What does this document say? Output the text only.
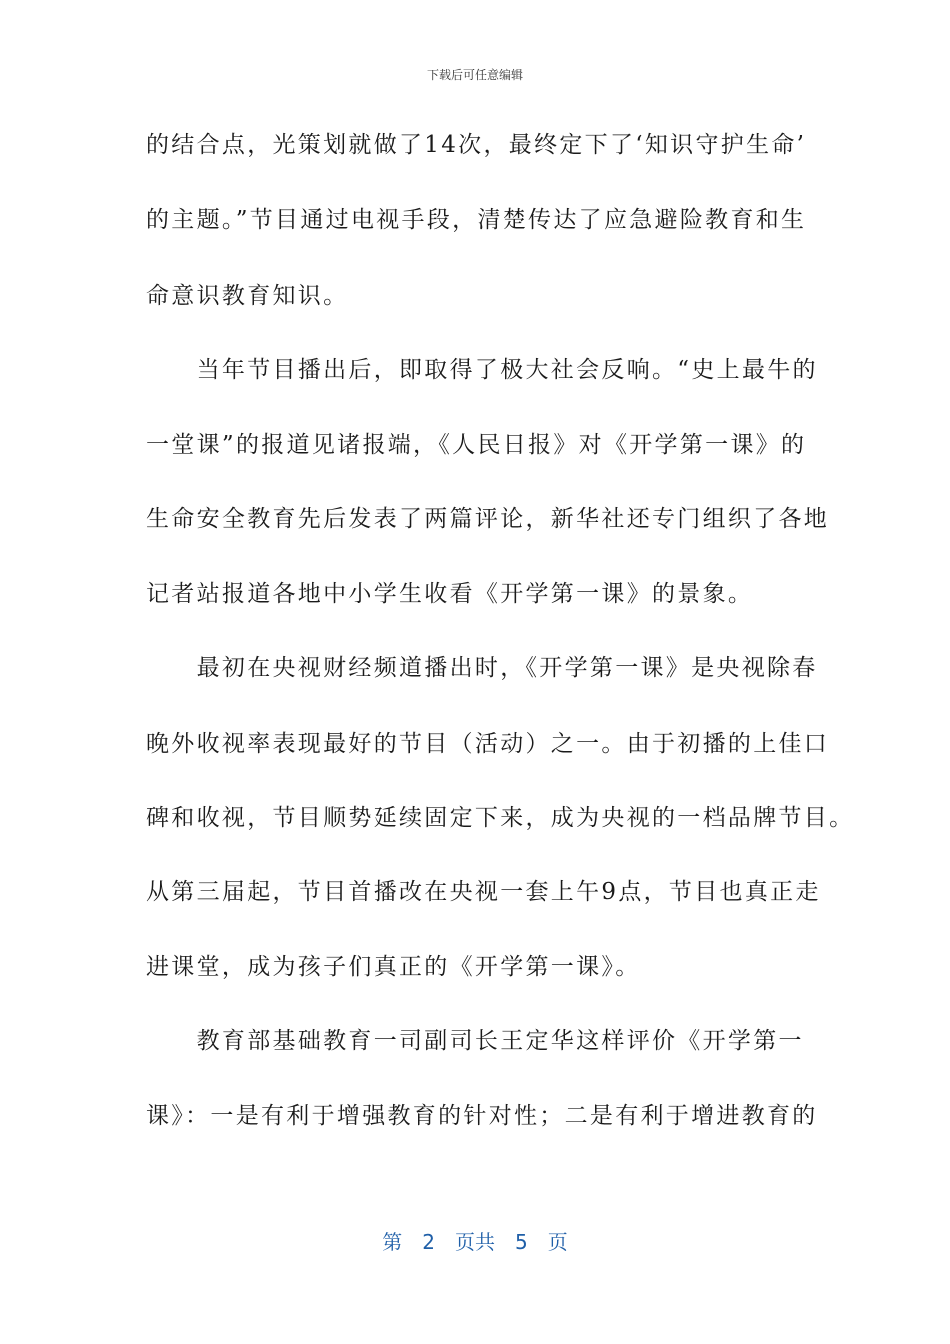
下载后可任意编辑
的结合点，光策划就做了14次，最终定下了‘知识守护生命’
的主题。”节目通过电视手段，清楚传达了应急避险教育和生
命意识教育知识。
　　当年节目播出后，即取得了极大社会反响。“史上最牛的
一堂课”的报道见诸报端，《人民日报》对《开学第一课》的
生命安全教育先后发表了两篇评论，新华社还专门组织了各地
记者站报道各地中小学生收看《开学第一课》的景象。
　　最初在央视财经频道播出时，《开学第一课》是央视除春
晚外收视率表现最好的节目（活动）之一。由于初播的上佳口
碑和收视，节目顺势延续固定下来，成为央视的一档品牌节目。
从第三届起，节目首播改在央视一套上午9点，节目也真正走
进课堂，成为孩子们真正的《开学第一课》。
　　教育部基础教育一司副司长王定华这样评价《开学第一
课》：一是有利于增强教育的针对性；二是有利于增进教育的
第　2　页共　5　页
